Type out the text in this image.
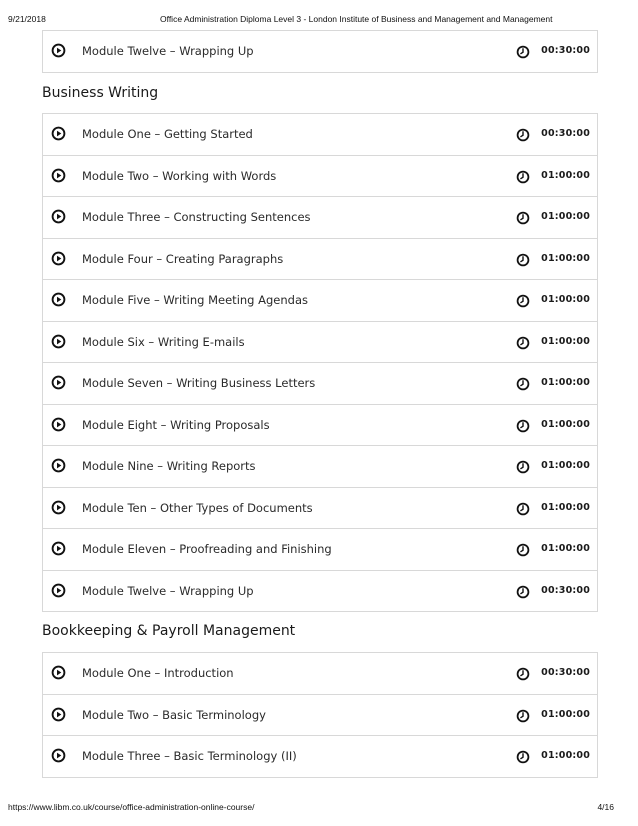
9/21/2018	Office Administration Diploma Level 3 - London Institute of Business and Management and Management
Module Twelve – Wrapping Up	00:30:00
Business Writing
Module One – Getting Started	00:30:00
Module Two – Working with Words	01:00:00
Module Three – Constructing Sentences	01:00:00
Module Four – Creating Paragraphs	01:00:00
Module Five – Writing Meeting Agendas	01:00:00
Module Six – Writing E-mails	01:00:00
Module Seven – Writing Business Letters	01:00:00
Module Eight – Writing Proposals	01:00:00
Module Nine – Writing Reports	01:00:00
Module Ten – Other Types of Documents	01:00:00
Module Eleven – Proofreading and Finishing	01:00:00
Module Twelve – Wrapping Up	00:30:00
Bookkeeping & Payroll Management
Module One – Introduction	00:30:00
Module Two – Basic Terminology	01:00:00
Module Three – Basic Terminology (II)	01:00:00
https://www.libm.co.uk/course/office-administration-online-course/	4/16
